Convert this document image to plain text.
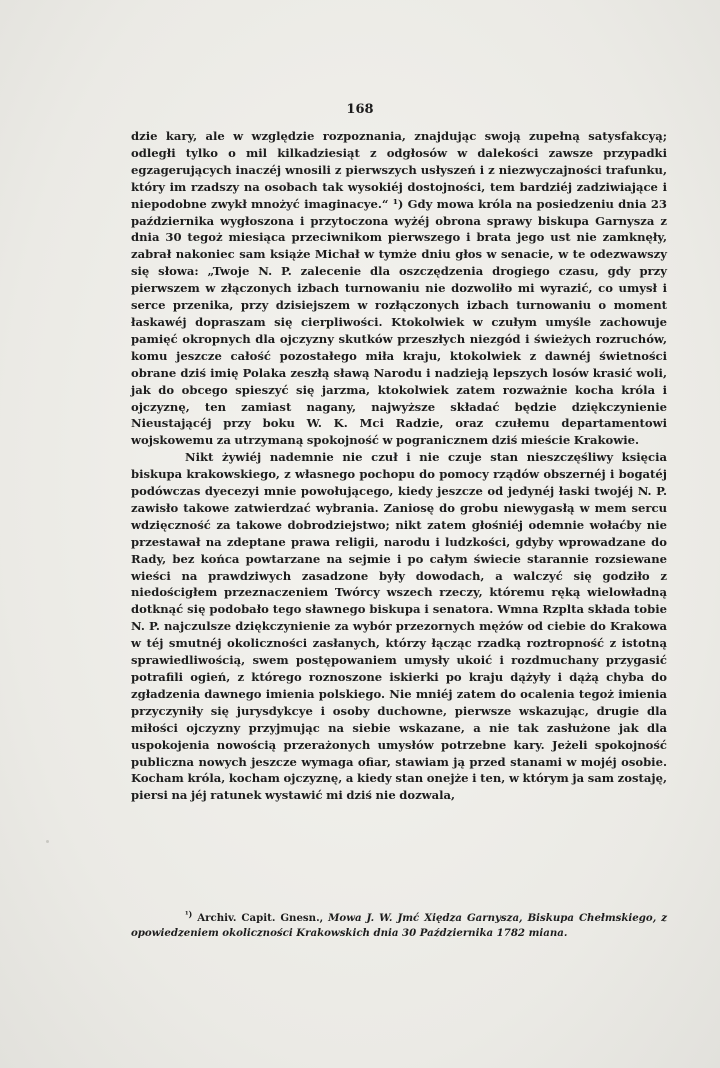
168

dzie kary, ale w względzie rozpoznania, znajdując swoją zupełną satysfakcyą; odległi tylko o mil kilkadziesiąt z odgłosów w dalekości zawsze przypadki egzagerujących inaczéj wnosili z pierwszych usłyszeń i z niezwyczajności trafunku, który im rzadszy na osobach tak wysokiéj dostojności, tem bardziéj zadziwiające i niepodobne zwykł mnożyć imaginacye.“ ¹) Gdy mowa króla na posiedzeniu dnia 23 października wygłoszona i przytoczona wyżéj obrona sprawy biskupa Garnysza z dnia 30 tegoż miesiąca przeciwnikom pierwszego i brata jego ust nie zamknęły, zabrał nakoniec sam książe Michał w tymże dniu głos w senacie, w te odezwawszy się słowa: „Twoje N. P. zalecenie dla oszczędzenia drogiego czasu, gdy przy pierwszem w złączonych izbach turnowaniu nie dozwoliło mi wyrazić, co umysł i serce przenika, przy dzisiejszem w rozłączonych izbach turnowaniu o moment łaskawéj dopraszam się cierpliwości. Ktokolwiek w czułym umyśle zachowuje pamięć okropnych dla ojczyzny skutków przeszłych niezgód i świeżych rozruchów, komu jeszcze całość pozostałego miła kraju, ktokolwiek z dawnéj świetności obrane dziś imię Polaka zeszłą sławą Narodu i nadzieją lepszych losów krasić woli, jak do obcego spieszyć się jarzma, ktokolwiek zatem rozważnie kocha króla i ojczyznę, ten zamiast nagany, najwyższe składać będzie dziękczynienie Nieustającéj przy boku W. K. Mci Radzie, oraz czułemu departamentowi wojskowemu za utrzymaną spokojność w pogranicznem dziś mieście Krakowie.

Nikt żywiéj nademnie nie czuł i nie czuje stan nieszczęśliwy księcia biskupa krakowskiego, z własnego pochopu do pomocy rządów obszernéj i bogatéj podówczas dyecezyi mnie powołującego, kiedy jeszcze od jedynéj łaski twojéj N. P. zawisło takowe zatwierdzać wybrania. Zaniosę do grobu niewygasłą w mem sercu wdzięczność za takowe dobrodziejstwo; nikt zatem głośniéj odemnie wołaćby nie przestawał na zdeptane prawa religii, narodu i ludzkości, gdyby wprowadzane do Rady, bez końca powtarzane na sejmie i po całym świecie starannie rozsiewane wieści na prawdziwych zasadzone były dowodach, a walczyć się godziło z niedościgłem przeznaczeniem Twórcy wszech rzeczy, któremu ręką wielowładną dotknąć się podobało tego sławnego biskupa i senatora. Wmna Rzplta składa tobie N. P. najczulsze dziękczynienie za wybór przezornych mężów od ciebie do Krakowa w téj smutnéj okoliczności zasłanych, którzy łącząc rzadką roztropność z istotną sprawiedliwością, swem postępowaniem umysły ukoić i rozdmuchany przygasić potrafili ogień, z którego roznoszone iskierki po kraju dążyły i dążą chyba do zgładzenia dawnego imienia polskiego. Nie mniéj zatem do ocalenia tegoż imienia przyczyniły się jurysdykcye i osoby duchowne, pierwsze wskazując, drugie dla miłości ojczyzny przyjmując na siebie wskazane, a nie tak zasłużone jak dla uspokojenia nowością przerażonych umysłów potrzebne kary. Jeżeli spokojność publiczna nowych jeszcze wymaga ofiar, stawiam ją przed stanami w mojéj osobie. Kocham króla, kocham ojczyznę, a kiedy stan onejże i ten, w którym ja sam zostaję, piersi na jéj ratunek wystawić mi dziś nie dozwala,

$^{^1)}$ Archiv. Capit. Gnesn., Mowa J. W. Jmć Xiędza Garnysza, Biskupa Chełmskiego, z opowiedzeniem okoliczności Krakowskich dnia 30 Października 1782 miana.
